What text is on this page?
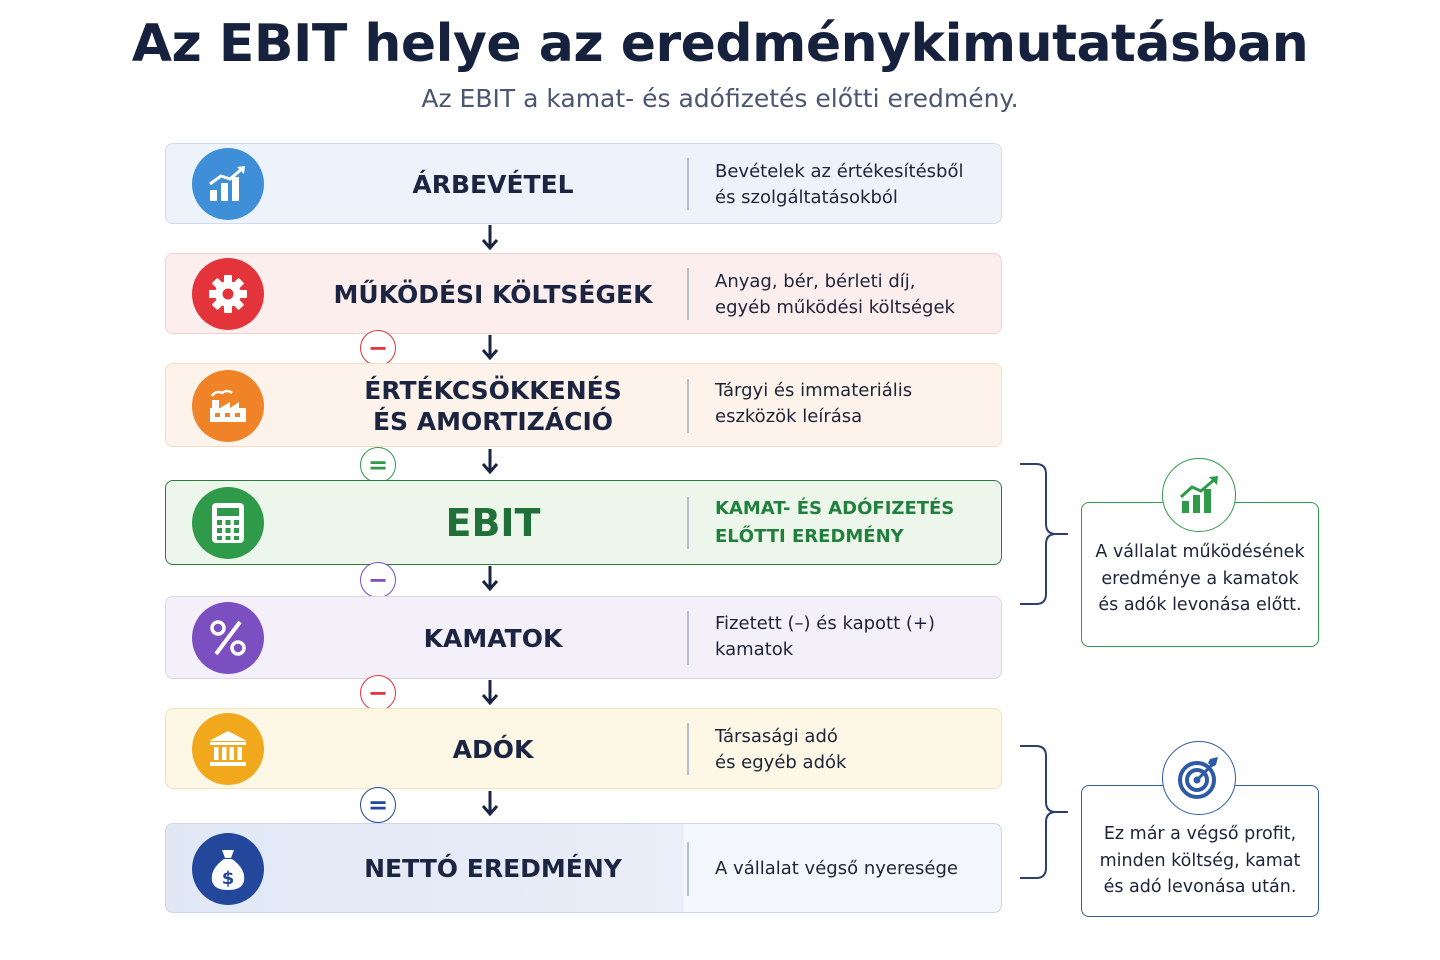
Az EBIT helye az eredménykimutatásban
Az EBIT a kamat- és adófizetés előtti eredmény.
ÁRBEVÉTEL	Bevételek az értékesítésből
és szolgáltatásokból
MŰKÖDÉSI KÖLTSÉGEK	Anyag, bér, bérleti díj,
egyéb működési költségek
−
ÉRTÉKCSÖKKENÉS
ÉS AMORTIZÁCIÓ
Tárgyi és immateriális
eszközök leírása
=
EBIT	KAMAT- ÉS ADÓFIZETÉS
ELŐTTI EREDMÉNY
−
KAMATOK
Fizetett (–) és kapott (+)
kamatok
−
ADÓK	Társasági adó
és egyéb adók
=
$	NETTÓ EREDMÉNY	A vállalat végső nyeresége
A vállalat működésének
eredménye a kamatok
és adók levonása előtt.
Ez már a végső profit,
minden költség, kamat
és adó levonása után.
